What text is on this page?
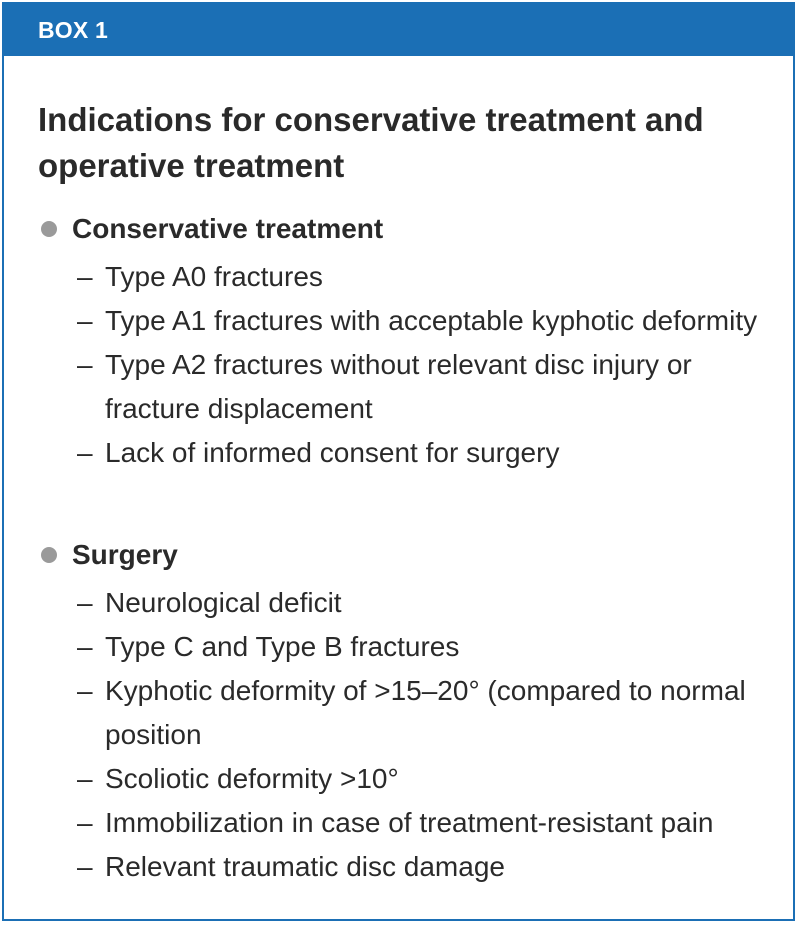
BOX 1
Indications for conservative treatment and operative treatment
Conservative treatment
– Type A0 fractures
– Type A1 fractures with acceptable kyphotic deformity
– Type A2 fractures without relevant disc injury or fracture displacement
– Lack of informed consent for surgery
Surgery
– Neurological deficit
– Type C and Type B fractures
– Kyphotic deformity of >15–20° (compared to normal position
– Scoliotic deformity >10°
– Immobilization in case of treatment-resistant pain
– Relevant traumatic disc damage
